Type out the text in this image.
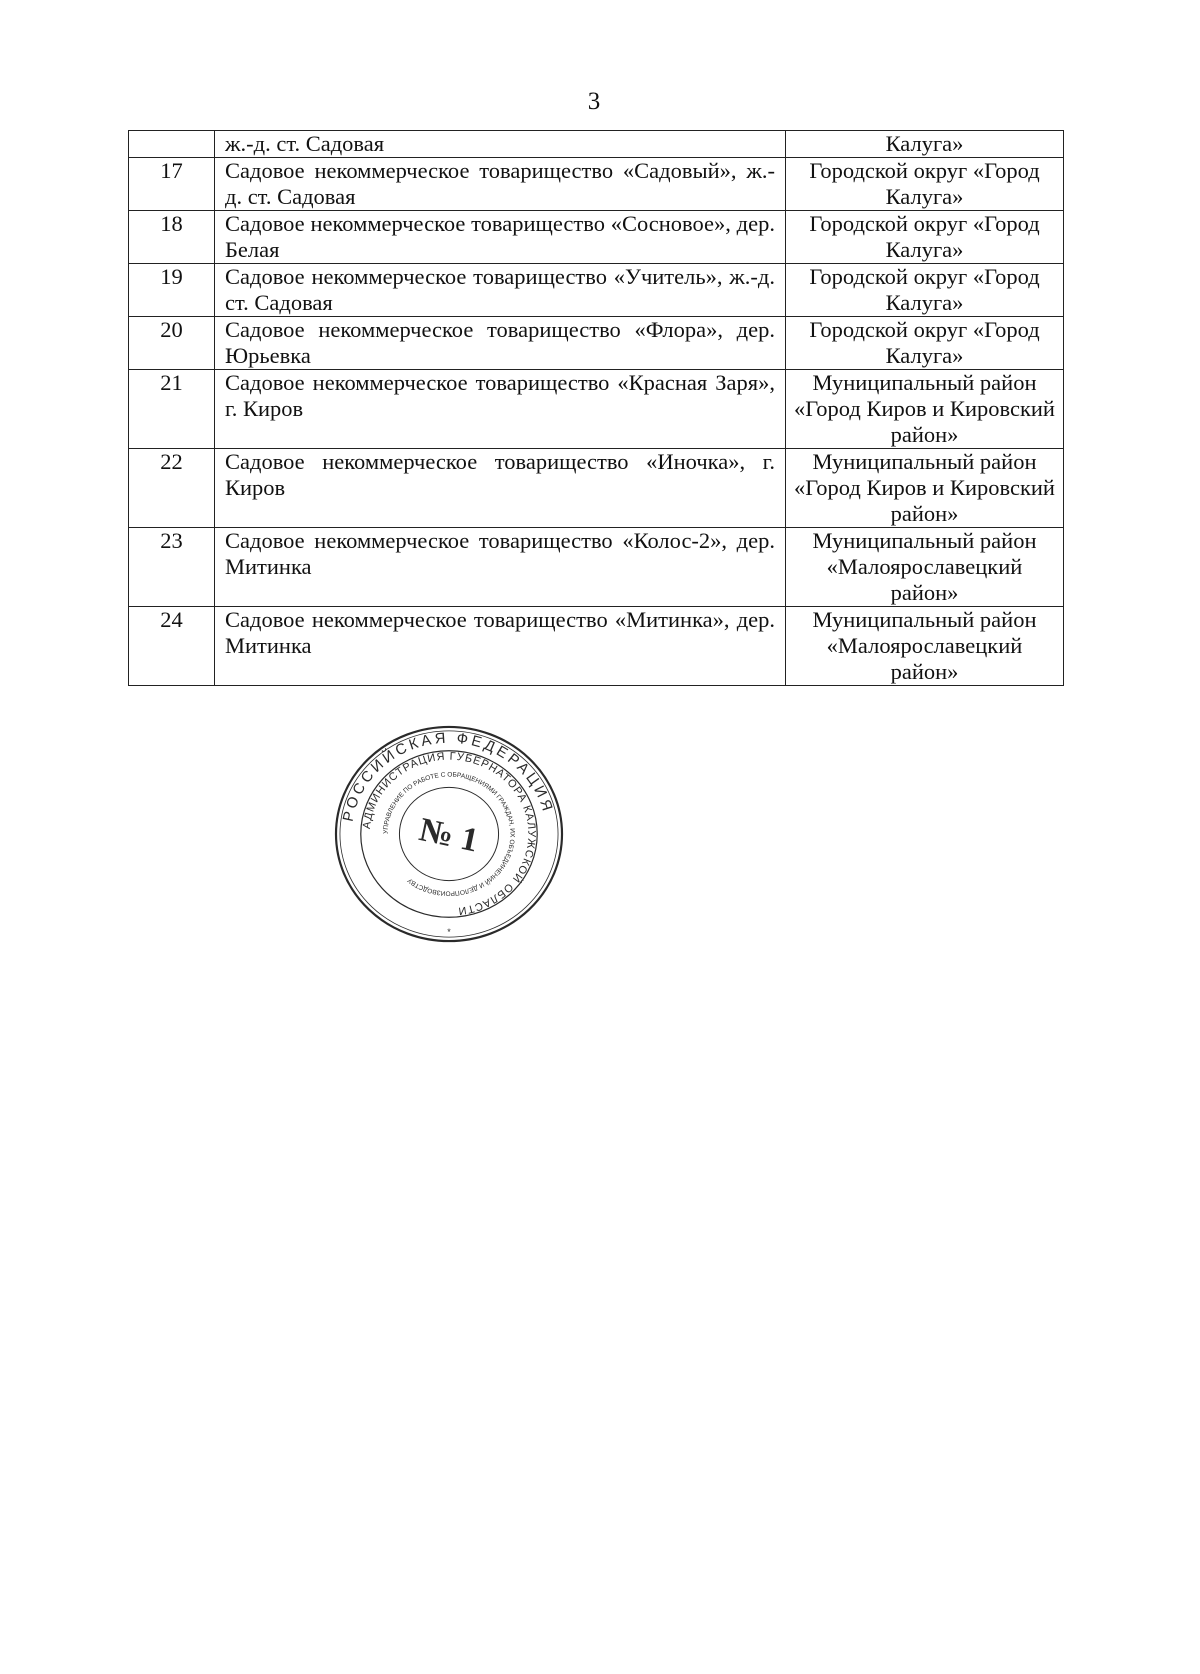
3
	ж.-д. ст. Садовая	Калуга»
17	Садовое некоммерческое товарищество «Садовый», ж.-д. ст. Садовая	Городской округ «Город Калуга»
18	Садовое некоммерческое товарищество «Сосновое», дер. Белая	Городской округ «Город Калуга»
19	Садовое некоммерческое товарищество «Учитель», ж.-д. ст. Садовая	Городской округ «Город Калуга»
20	Садовое некоммерческое товарищество «Флора», дер. Юрьевка	Городской округ «Город Калуга»
21	Садовое некоммерческое товарищество «Красная Заря», г. Киров	Муниципальный район «Город Киров и Кировский район»
22	Садовое некоммерческое товарищество «Иночка», г. Киров	Муниципальный район «Город Киров и Кировский район»
23	Садовое некоммерческое товарищество «Колос-2», дер. Митинка	Муниципальный район «Малоярославецкий район»
24	Садовое некоммерческое товарищество «Митинка», дер. Митинка	Муниципальный район «Малоярославецкий район»
РОССИЙСКАЯ ФЕДЕРАЦИЯ
АДМИНИСТРАЦИЯ ГУБЕРНАТОРА КАЛУЖСКОЙ ОБЛАСТИ
УПРАВЛЕНИЕ ПО РАБОТЕ С ОБРАЩЕНИЯМИ ГРАЖДАН, ИХ ОБЪЕДИНЕНИЙ И ДЕЛОПРОИЗВОДСТВУ
№ 1
*
